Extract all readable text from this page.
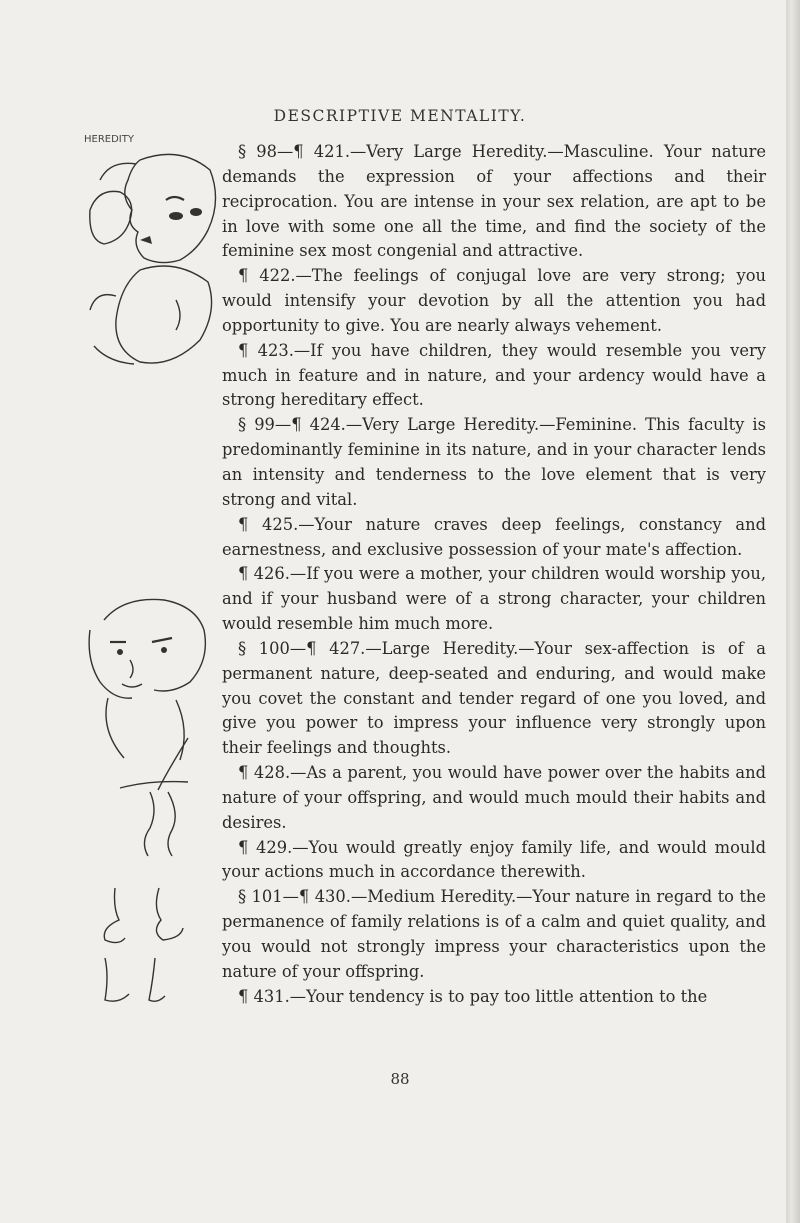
DESCRIPTIVE MENTALITY.
HEREDITY

§ 98—¶ 421.—Very Large Heredity.—Masculine. Your nature demands the expression of your affections and their reciprocation. You are intense in your sex relation, are apt to be in love with some one all the time, and find the society of the feminine sex most congenial and attractive.

¶ 422.—The feelings of conjugal love are very strong; you would intensify your devotion by all the attention you had opportunity to give. You are nearly always vehement.

¶ 423.—If you have children, they would resemble you very much in feature and in nature, and your ardency would have a strong hereditary effect.

§ 99—¶ 424.—Very Large Heredity.—Feminine. This faculty is predominantly feminine in its nature, and in your character lends an intensity and tenderness to the love element that is very strong and vital.

¶ 425.—Your nature craves deep feelings, constancy and earnestness, and exclusive possession of your mate's affection.

¶ 426.—If you were a mother, your children would worship you, and if your husband were of a strong character, your children would resemble him much more.

§ 100—¶ 427.—Large Heredity.—Your sex-affection is of a permanent nature, deep-seated and enduring, and would make you covet the constant and tender regard of one you loved, and give you power to impress your influence very strongly upon their feelings and thoughts.

¶ 428.—As a parent, you would have power over the habits and nature of your offspring, and would much mould their habits and desires.

¶ 429.—You would greatly enjoy family life, and would mould your actions much in accordance therewith.

§ 101—¶ 430.—Medium Heredity.—Your nature in regard to the permanence of family relations is of a calm and quiet quality, and you would not strongly impress your characteristics upon the nature of your offspring.

¶ 431.—Your tendency is to pay too little attention to the

88
